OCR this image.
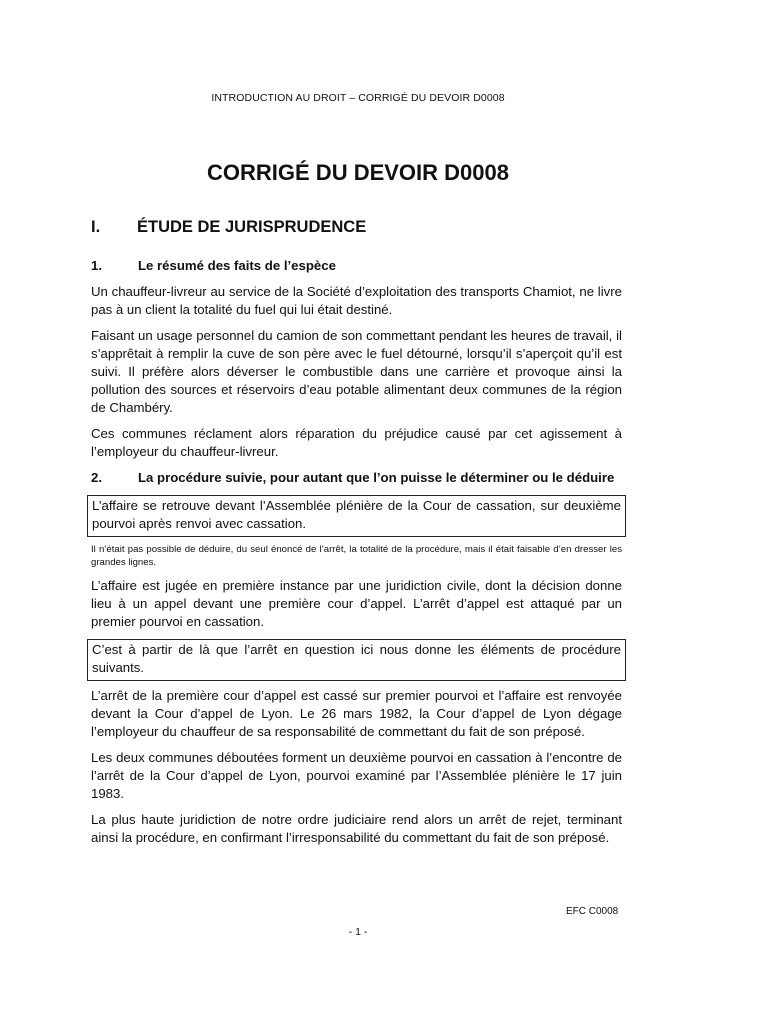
INTRODUCTION AU DROIT – CORRIGÉ DU DEVOIR D0008
CORRIGÉ DU DEVOIR D0008
I. ÉTUDE DE JURISPRUDENCE
1.	Le résumé des faits de l’espèce

Un chauffeur-livreur au service de la Société d’exploitation des transports Chamiot, ne livre pas à un client la totalité du fuel qui lui était destiné.

Faisant un usage personnel du camion de son commettant pendant les heures de travail, il s’apprêtait à remplir la cuve de son père avec le fuel détourné, lorsqu’il s’aperçoit qu’il est suivi. Il préfère alors déverser le combustible dans une carrière et provoque ainsi la pollution des sources et réservoirs d’eau potable alimentant deux communes de la région de Chambéry.

Ces communes réclament alors réparation du préjudice causé par cet agissement à l’employeur du chauffeur-livreur.

2.	La procédure suivie, pour autant que l’on puisse le déterminer ou le déduire
L’affaire se retrouve devant l’Assemblée plénière de la Cour de cassation, sur deuxième pourvoi après renvoi avec cassation.
Il n’était pas possible de déduire, du seul énoncé de l’arrêt, la totalité de la procédure, mais il était faisable d’en dresser les grandes lignes.

L’affaire est jugée en première instance par une juridiction civile, dont la décision donne lieu à un appel devant une première cour d’appel. L’arrêt d’appel est attaqué par un premier pourvoi en cassation.

C’est à partir de là que l’arrêt en question ici nous donne les éléments de procédure suivants.

L’arrêt de la première cour d’appel est cassé sur premier pourvoi et l’affaire est renvoyée devant la Cour d’appel de Lyon. Le 26 mars 1982, la Cour d’appel de Lyon dégage l’employeur du chauffeur de sa responsabilité de commettant du fait de son préposé.

Les deux communes déboutées forment un deuxième pourvoi en cassation à l’encontre de l’arrêt de la Cour d’appel de Lyon, pourvoi examiné par l’Assemblée plénière le 17 juin 1983.

La plus haute juridiction de notre ordre judiciaire rend alors un arrêt de rejet, terminant ainsi la procédure, en confirmant l’irresponsabilité du commettant du fait de son préposé.

EFC C0008
- 1 -
